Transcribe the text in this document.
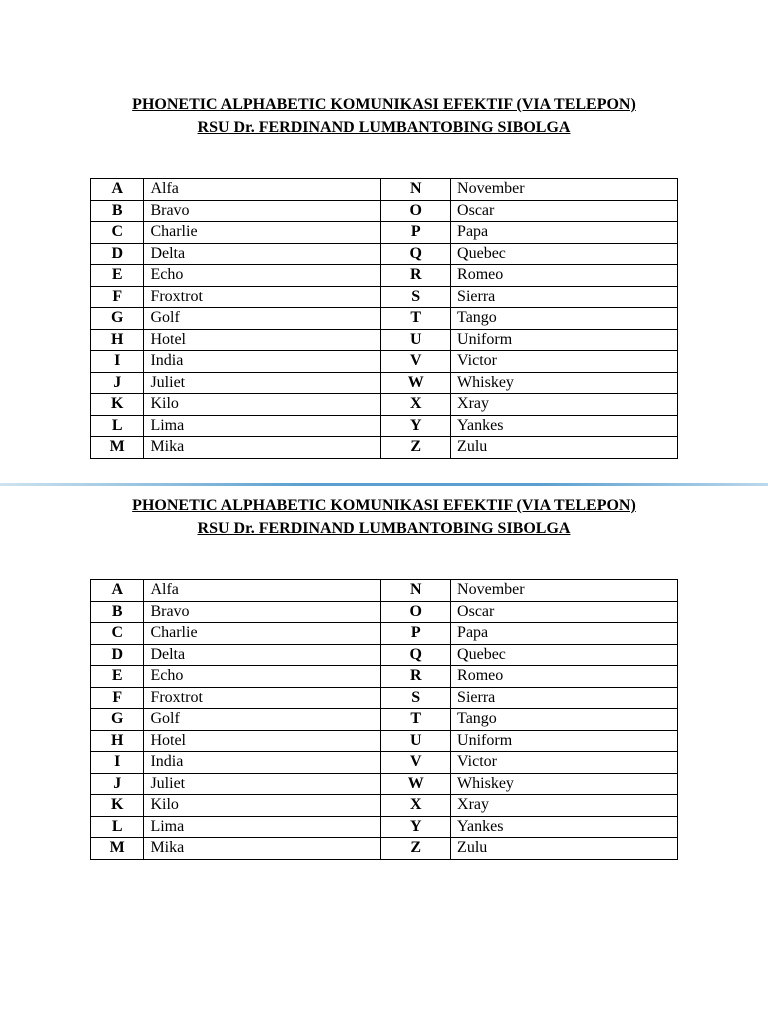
PHONETIC ALPHABETIC KOMUNIKASI EFEKTIF (VIA TELEPON)

RSU Dr. FERDINAND LUMBANTOBING SIBOLGA

A	Alfa	N	November
B	Bravo	O	Oscar
C	Charlie	P	Papa
D	Delta	Q	Quebec
E	Echo	R	Romeo
F	Froxtrot	S	Sierra
G	Golf	T	Tango
H	Hotel	U	Uniform
I	India	V	Victor
J	Juliet	W	Whiskey
K	Kilo	X	Xray
L	Lima	Y	Yankes
M	Mika	Z	Zulu

PHONETIC ALPHABETIC KOMUNIKASI EFEKTIF (VIA TELEPON)

RSU Dr. FERDINAND LUMBANTOBING SIBOLGA

A	Alfa	N	November
B	Bravo	O	Oscar
C	Charlie	P	Papa
D	Delta	Q	Quebec
E	Echo	R	Romeo
F	Froxtrot	S	Sierra
G	Golf	T	Tango
H	Hotel	U	Uniform
I	India	V	Victor
J	Juliet	W	Whiskey
K	Kilo	X	Xray
L	Lima	Y	Yankes
M	Mika	Z	Zulu
